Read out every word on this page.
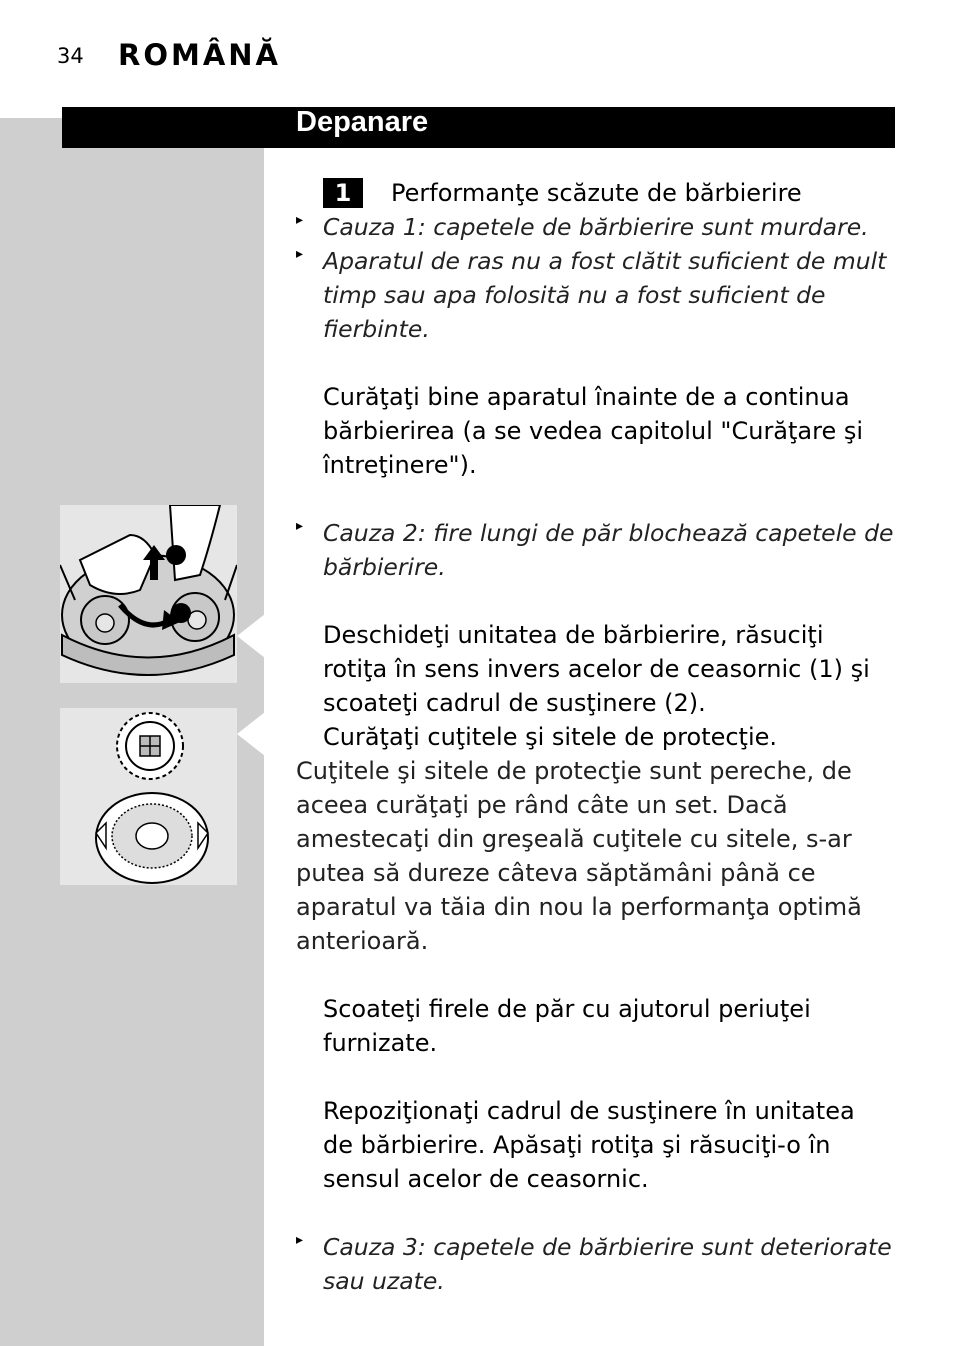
34 ROMÂNĂ
Depanare
1	Performanţe scăzute de bărbierire
▸ Cauza 1: capetele de bărbierire sunt murdare.
▸ Aparatul de ras nu a fost clătit suficient de mult
timp sau apa folosită nu a fost suficient de
fierbinte.
Curăţaţi bine aparatul înainte de a continua
bărbierirea (a se vedea capitolul "Curăţare şi
întreţinere").
▸ Cauza 2: fire lungi de păr blochează capetele de
bărbierire.
Deschideţi unitatea de bărbierire, răsuciţi
rotiţa în sens invers acelor de ceasornic (1) şi
scoateţi cadrul de susţinere (2).
Curăţaţi cuţitele şi sitele de protecţie.
Cuţitele şi sitele de protecţie sunt pereche, de
aceea curăţaţi pe rând câte un set. Dacă
amestecaţi din greşeală cuţitele cu sitele, s-ar
putea să dureze câteva săptămâni până ce
aparatul va tăia din nou la performanţa optimă
anterioară.
Scoateţi firele de păr cu ajutorul periuţei
furnizate.
Repoziţionaţi cadrul de susţinere în unitatea
de bărbierire. Apăsaţi rotiţa şi răsuciţi-o în
sensul acelor de ceasornic.
▸ Cauza 3: capetele de bărbierire sunt deteriorate
sau uzate.
